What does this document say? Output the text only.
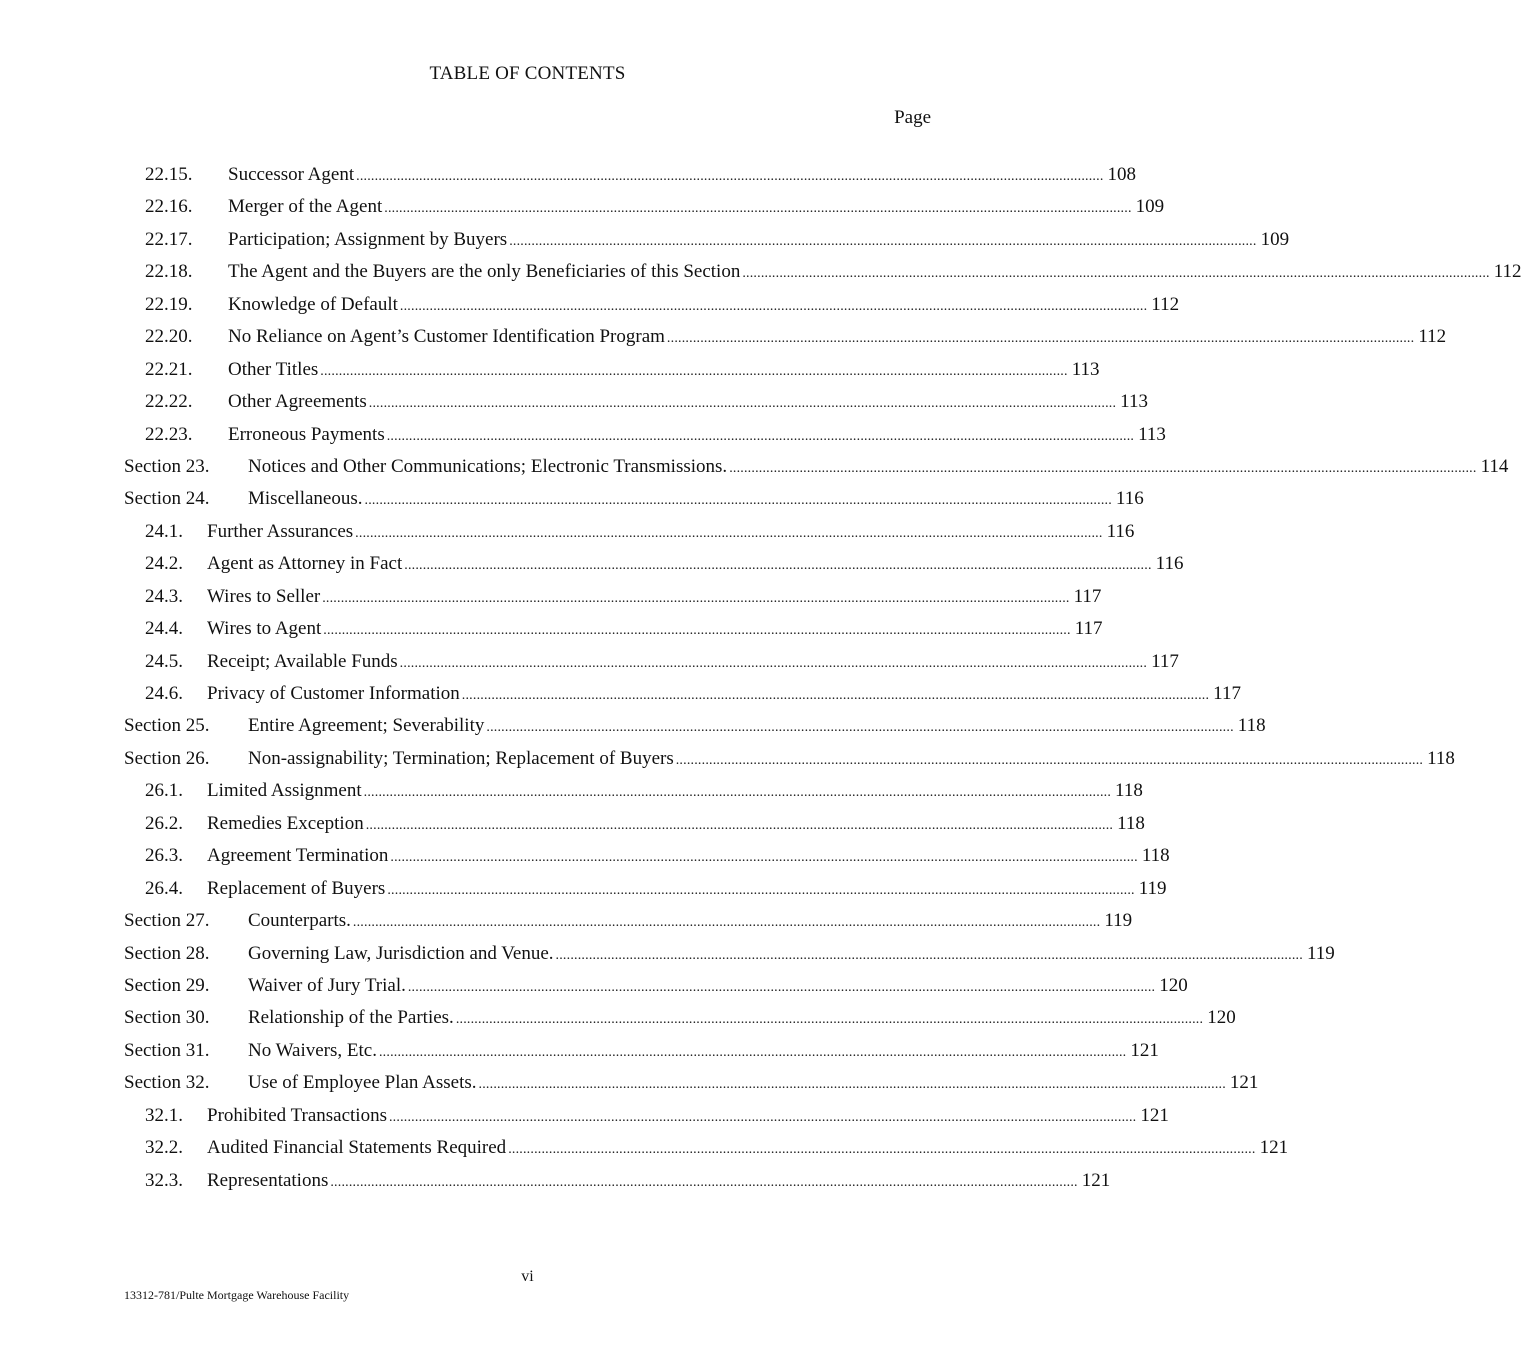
TABLE OF CONTENTS
Page
22.15. Successor Agent .......................................................................................................................................................................................................... 108
22.16. Merger of the Agent .......................................................................................................................................................................................................... 109
22.17. Participation; Assignment by Buyers .......................................................................................................................................................................................................... 109
22.18. The Agent and the Buyers are the only Beneficiaries of this Section .......................................................................................................................................................................................................... 112
22.19. Knowledge of Default .......................................................................................................................................................................................................... 112
22.20. No Reliance on Agent’s Customer Identification Program .......................................................................................................................................................................................................... 112
22.21. Other Titles .......................................................................................................................................................................................................... 113
22.22. Other Agreements .......................................................................................................................................................................................................... 113
22.23. Erroneous Payments .......................................................................................................................................................................................................... 113
Section 23. Notices and Other Communications; Electronic Transmissions. .......................................................................................................................................................................................................... 114
Section 24. Miscellaneous. .......................................................................................................................................................................................................... 116
24.1. Further Assurances .......................................................................................................................................................................................................... 116
24.2. Agent as Attorney in Fact .......................................................................................................................................................................................................... 116
24.3. Wires to Seller .......................................................................................................................................................................................................... 117
24.4. Wires to Agent .......................................................................................................................................................................................................... 117
24.5. Receipt; Available Funds .......................................................................................................................................................................................................... 117
24.6. Privacy of Customer Information .......................................................................................................................................................................................................... 117
Section 25. Entire Agreement; Severability .......................................................................................................................................................................................................... 118
Section 26. Non-assignability; Termination; Replacement of Buyers .......................................................................................................................................................................................................... 118
26.1. Limited Assignment .......................................................................................................................................................................................................... 118
26.2. Remedies Exception .......................................................................................................................................................................................................... 118
26.3. Agreement Termination .......................................................................................................................................................................................................... 118
26.4. Replacement of Buyers .......................................................................................................................................................................................................... 119
Section 27. Counterparts. .......................................................................................................................................................................................................... 119
Section 28. Governing Law, Jurisdiction and Venue. .......................................................................................................................................................................................................... 119
Section 29. Waiver of Jury Trial. .......................................................................................................................................................................................................... 120
Section 30. Relationship of the Parties. .......................................................................................................................................................................................................... 120
Section 31. No Waivers, Etc. .......................................................................................................................................................................................................... 121
Section 32. Use of Employee Plan Assets. .......................................................................................................................................................................................................... 121
32.1. Prohibited Transactions .......................................................................................................................................................................................................... 121
32.2. Audited Financial Statements Required .......................................................................................................................................................................................................... 121
32.3. Representations .......................................................................................................................................................................................................... 121
vi
13312-781/Pulte Mortgage Warehouse Facility
